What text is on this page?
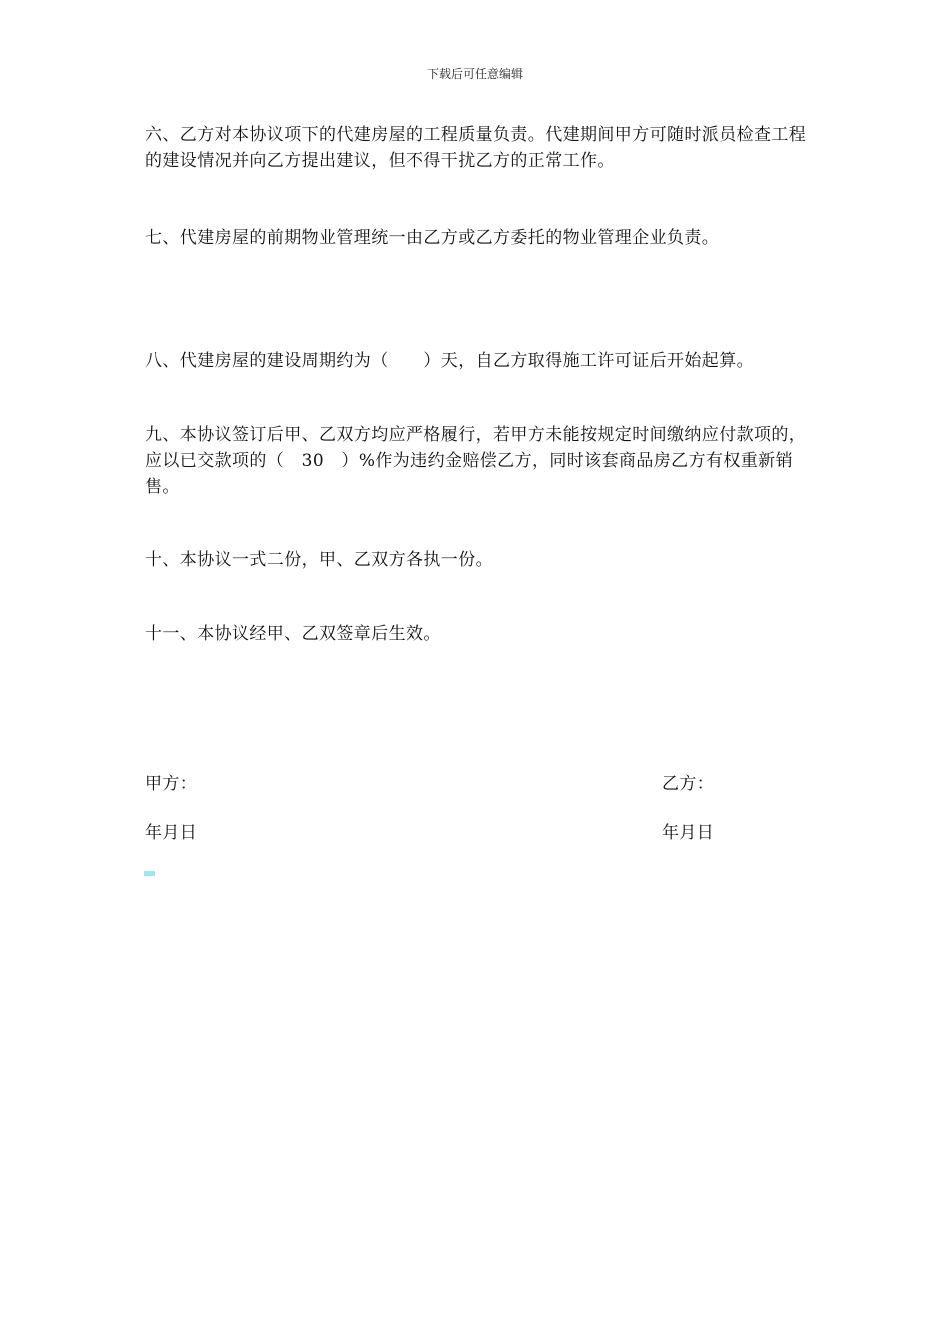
下载后可任意编辑

六、乙方对本协议项下的代建房屋的工程质量负责。代建期间甲方可随时派员检查工程的建设情况并向乙方提出建议，但不得干扰乙方的正常工作。

七、代建房屋的前期物业管理统一由乙方或乙方委托的物业管理企业负责。

八、代建房屋的建设周期约为（　　）天，自乙方取得施工许可证后开始起算。

九、本协议签订后甲、乙双方均应严格履行，若甲方未能按规定时间缴纳应付款项的，应以已交款项的（　30　）%作为违约金赔偿乙方，同时该套商品房乙方有权重新销售。

十、本协议一式二份，甲、乙双方各执一份。

十一、本协议经甲、乙双签章后生效。

甲方：	乙方：
年月日	年月日
